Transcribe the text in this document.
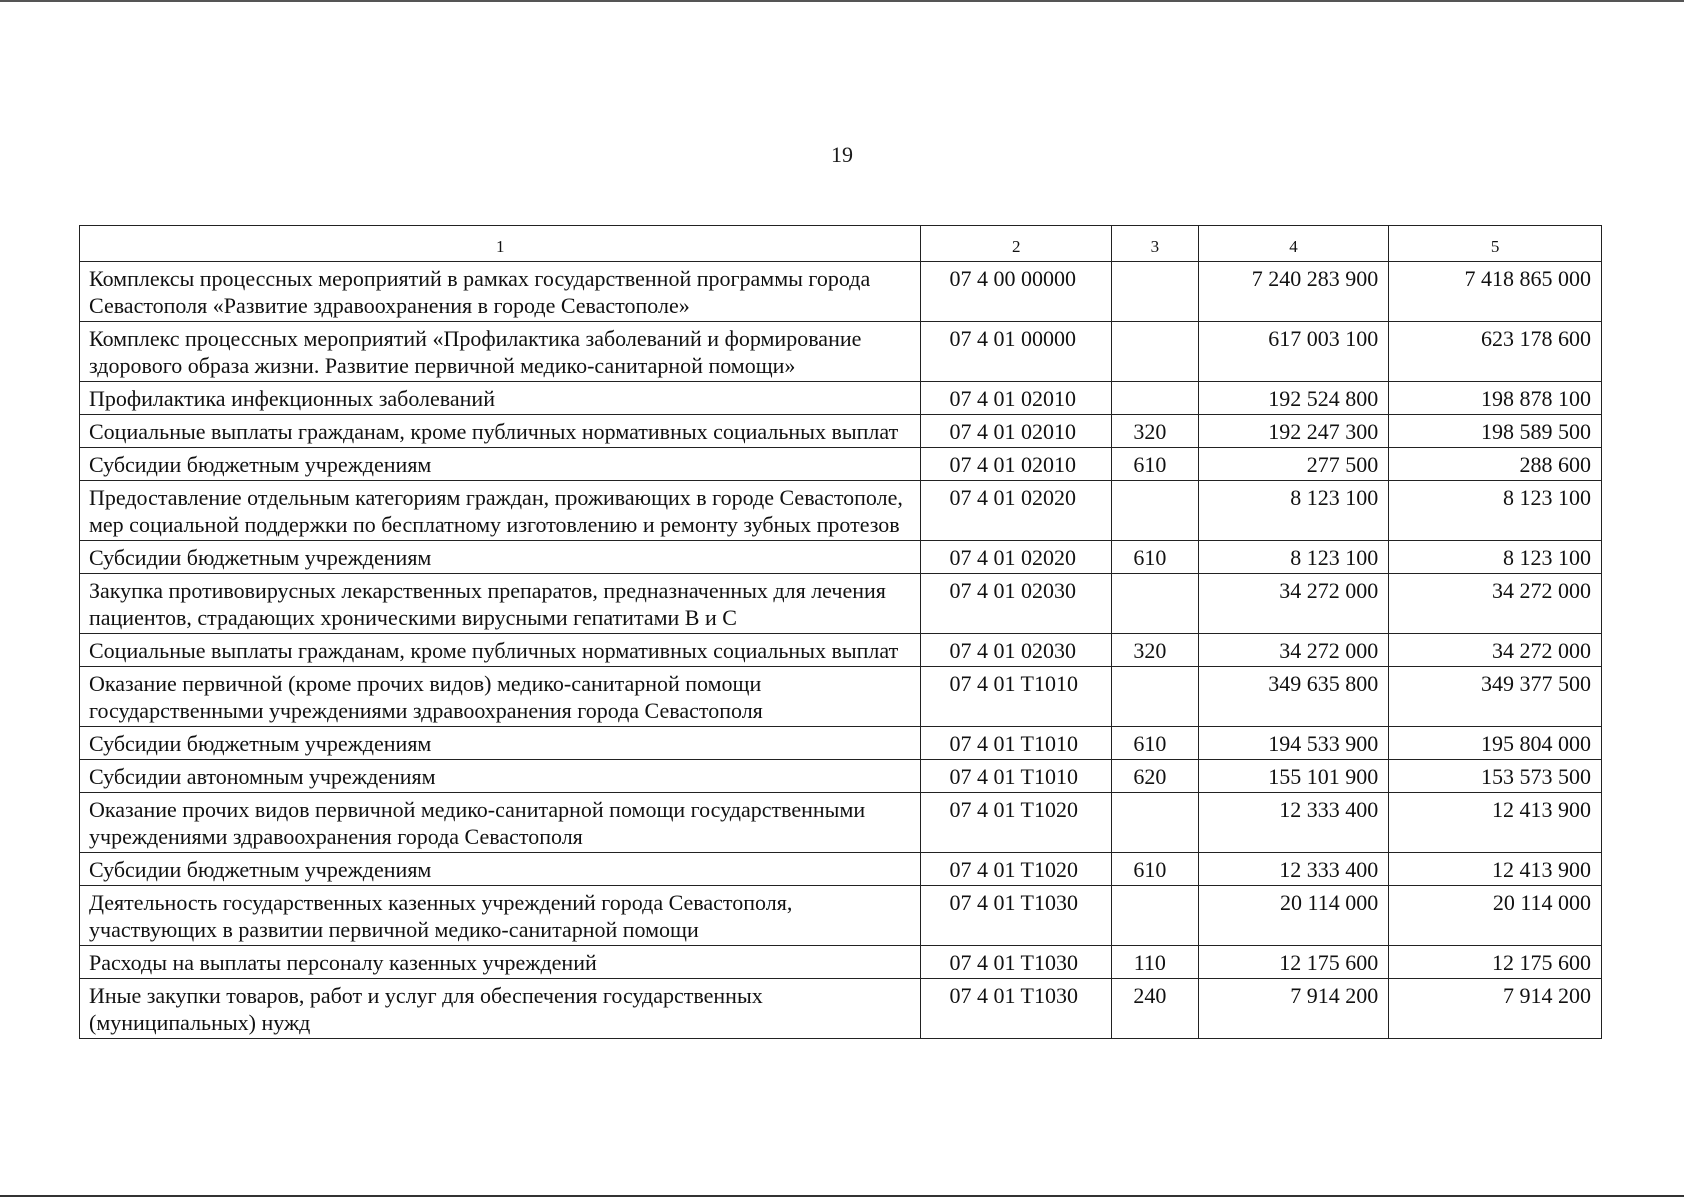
19
1	2	3	4	5
Комплексы процессных мероприятий в рамках государственной программы города Севастополя «Развитие здравоохранения в городе Севастополе»	07 4 00 00000		7 240 283 900	7 418 865 000
Комплекс процессных мероприятий «Профилактика заболеваний и формирование здорового образа жизни. Развитие первичной медико-санитарной помощи»	07 4 01 00000		617 003 100	623 178 600
Профилактика инфекционных заболеваний	07 4 01 02010		192 524 800	198 878 100
Социальные выплаты гражданам, кроме публичных нормативных социальных выплат	07 4 01 02010	320	192 247 300	198 589 500
Субсидии бюджетным учреждениям	07 4 01 02010	610	277 500	288 600
Предоставление отдельным категориям граждан, проживающих в городе Севастополе, мер социальной поддержки по бесплатному изготовлению и ремонту зубных протезов	07 4 01 02020		8 123 100	8 123 100
Субсидии бюджетным учреждениям	07 4 01 02020	610	8 123 100	8 123 100
Закупка противовирусных лекарственных препаратов, предназначенных для лечения пациентов, страдающих хроническими вирусными гепатитами В и С	07 4 01 02030		34 272 000	34 272 000
Социальные выплаты гражданам, кроме публичных нормативных социальных выплат	07 4 01 02030	320	34 272 000	34 272 000
Оказание первичной (кроме прочих видов) медико-санитарной помощи государственными учреждениями здравоохранения города Севастополя	07 4 01 T1010		349 635 800	349 377 500
Субсидии бюджетным учреждениям	07 4 01 T1010	610	194 533 900	195 804 000
Субсидии автономным учреждениям	07 4 01 T1010	620	155 101 900	153 573 500
Оказание прочих видов первичной медико-санитарной помощи государственными учреждениями здравоохранения города Севастополя	07 4 01 T1020		12 333 400	12 413 900
Субсидии бюджетным учреждениям	07 4 01 T1020	610	12 333 400	12 413 900
Деятельность государственных казенных учреждений города Севастополя, участвующих в развитии первичной медико-санитарной помощи	07 4 01 T1030		20 114 000	20 114 000
Расходы на выплаты персоналу казенных учреждений	07 4 01 T1030	110	12 175 600	12 175 600
Иные закупки товаров, работ и услуг для обеспечения государственных (муниципальных) нужд	07 4 01 T1030	240	7 914 200	7 914 200
